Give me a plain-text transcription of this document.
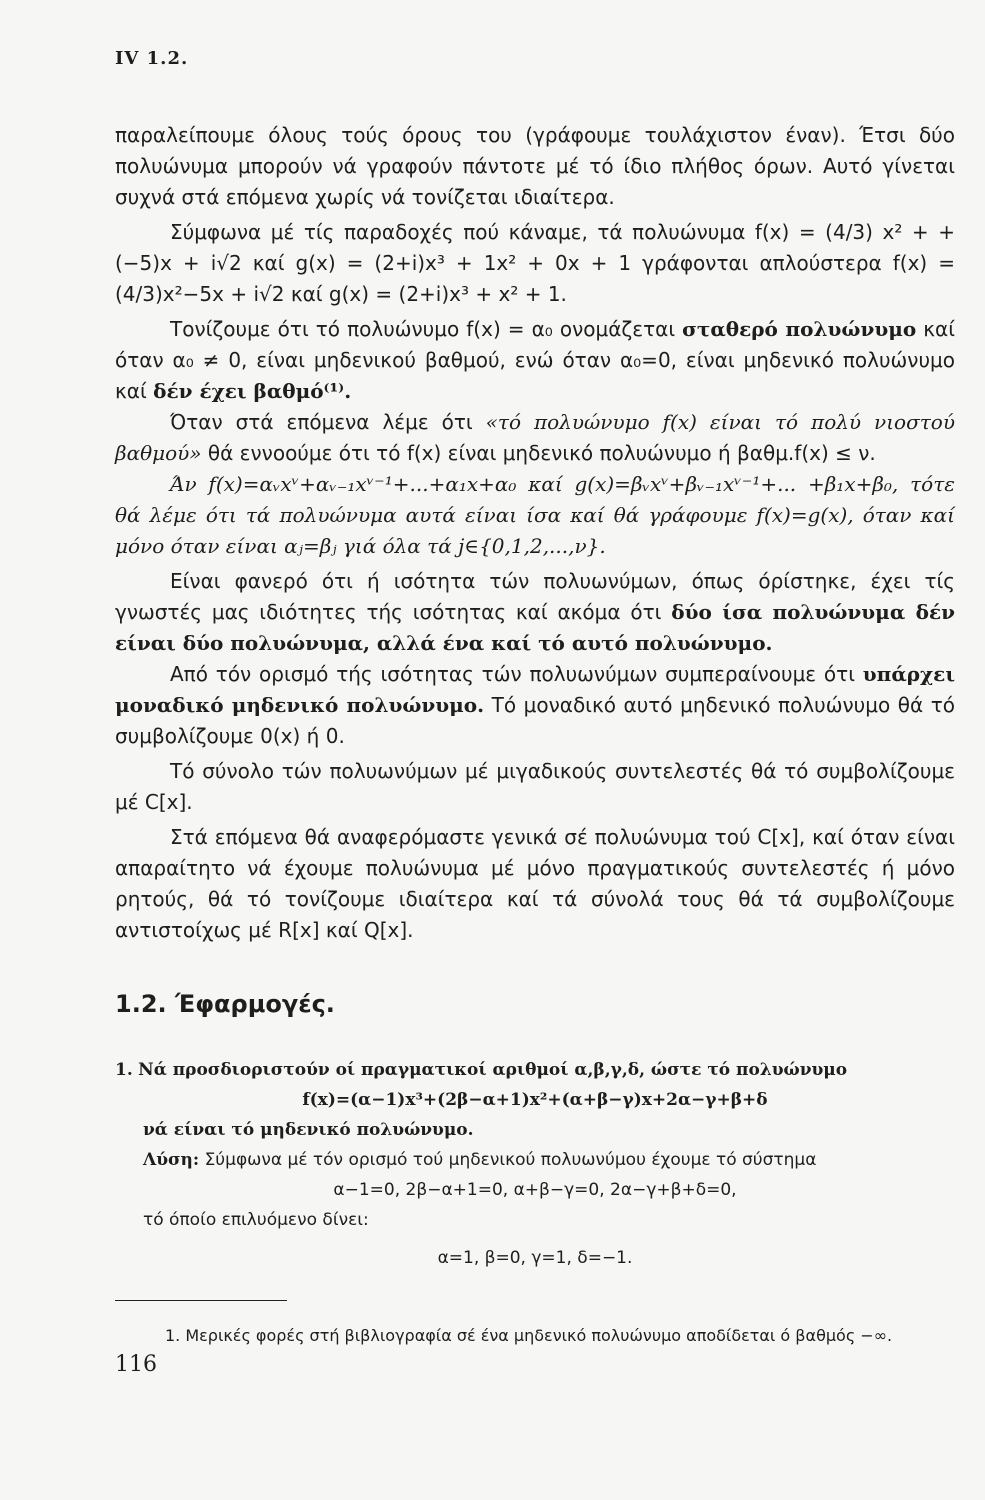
IV 1.2.

παραλείπουμε όλους τούς όρους του (γράφουμε τουλάχιστον έναν). Έτσι δύο πολυώνυμα μπορούν νά γραφούν πάντοτε μέ τό ίδιο πλήθος όρων. Αυτό γίνεται συχνά στά επόμενα χωρίς νά τονίζεται ιδιαίτερα.

Σύμφωνα μέ τίς παραδοχές πού κάναμε, τά πολυώνυμα f(x) = (4/3) x² + + (−5)x + i√2 καί g(x) = (2+i)x³ + 1x² + 0x + 1 γράφονται απλούστερα f(x) = (4/3)x²−5x + i√2 καί g(x) = (2+i)x³ + x² + 1.

Τονίζουμε ότι τό πολυώνυμο f(x) = α₀ ονομάζεται σταθερό πολυώνυμο καί όταν α₀ ≠ 0, είναι μηδενικού βαθμού, ενώ όταν α₀=0, είναι μηδενικό πολυώνυμο καί δέν έχει βαθμό⁽¹⁾.

Όταν στά επόμενα λέμε ότι «τό πολυώνυμο f(x) είναι τό πολύ νιοστού βαθμού» θά εννοούμε ότι τό f(x) είναι μηδενικό πολυώνυμο ή βαθμ.f(x) ≤ ν.

Άν f(x)=αᵥxᵛ+αᵥ₋₁xᵛ⁻¹+...+α₁x+α₀ καί g(x)=βᵥxᵛ+βᵥ₋₁xᵛ⁻¹+... +β₁x+β₀, τότε θά λέμε ότι τά πολυώνυμα αυτά είναι ίσα καί θά γράφουμε f(x)=g(x), όταν καί μόνο όταν είναι αⱼ=βⱼ γιά όλα τά j∈{0,1,2,...,ν}.

Είναι φανερό ότι ή ισότητα τών πολυωνύμων, όπως όρίστηκε, έχει τίς γνωστές μας ιδιότητες τής ισότητας καί ακόμα ότι δύο ίσα πολυώνυμα δέν είναι δύο πολυώνυμα, αλλά ένα καί τό αυτό πολυώνυμο.

Από τόν ορισμό τής ισότητας τών πολυωνύμων συμπεραίνουμε ότι υπάρχει μοναδικό μηδενικό πολυώνυμο. Τό μοναδικό αυτό μηδενικό πολυώνυμο θά τό συμβολίζουμε 0(x) ή 0.

Τό σύνολο τών πολυωνύμων μέ μιγαδικούς συντελεστές θά τό συμβολίζουμε μέ C[x].

Στά επόμενα θά αναφερόμαστε γενικά σέ πολυώνυμα τού C[x], καί όταν είναι απαραίτητο νά έχουμε πολυώνυμα μέ μόνο πραγματικούς συντελεστές ή μόνο ρητούς, θά τό τονίζουμε ιδιαίτερα καί τά σύνολά τους θά τά συμβολίζουμε αντιστοίχως μέ R[x] καί Q[x].

1.2. Έφαρμογές.

1. Νά προσδιοριστούν οί πραγματικοί αριθμοί α,β,γ,δ, ώστε τό πολυώνυμο

f(x)=(α−1)x³+(2β−α+1)x²+(α+β−γ)x+2α−γ+β+δ

νά είναι τό μηδενικό πολυώνυμο.

Λύση: Σύμφωνα μέ τόν ορισμό τού μηδενικού πολυωνύμου έχουμε τό σύστημα

α−1=0, 2β−α+1=0, α+β−γ=0, 2α−γ+β+δ=0,

τό όποίο επιλυόμενο δίνει:

α=1, β=0, γ=1, δ=−1.

1. Μερικές φορές στή βιβλιογραφία σέ ένα μηδενικό πολυώνυμο αποδίδεται ό βαθμός −∞.
116
